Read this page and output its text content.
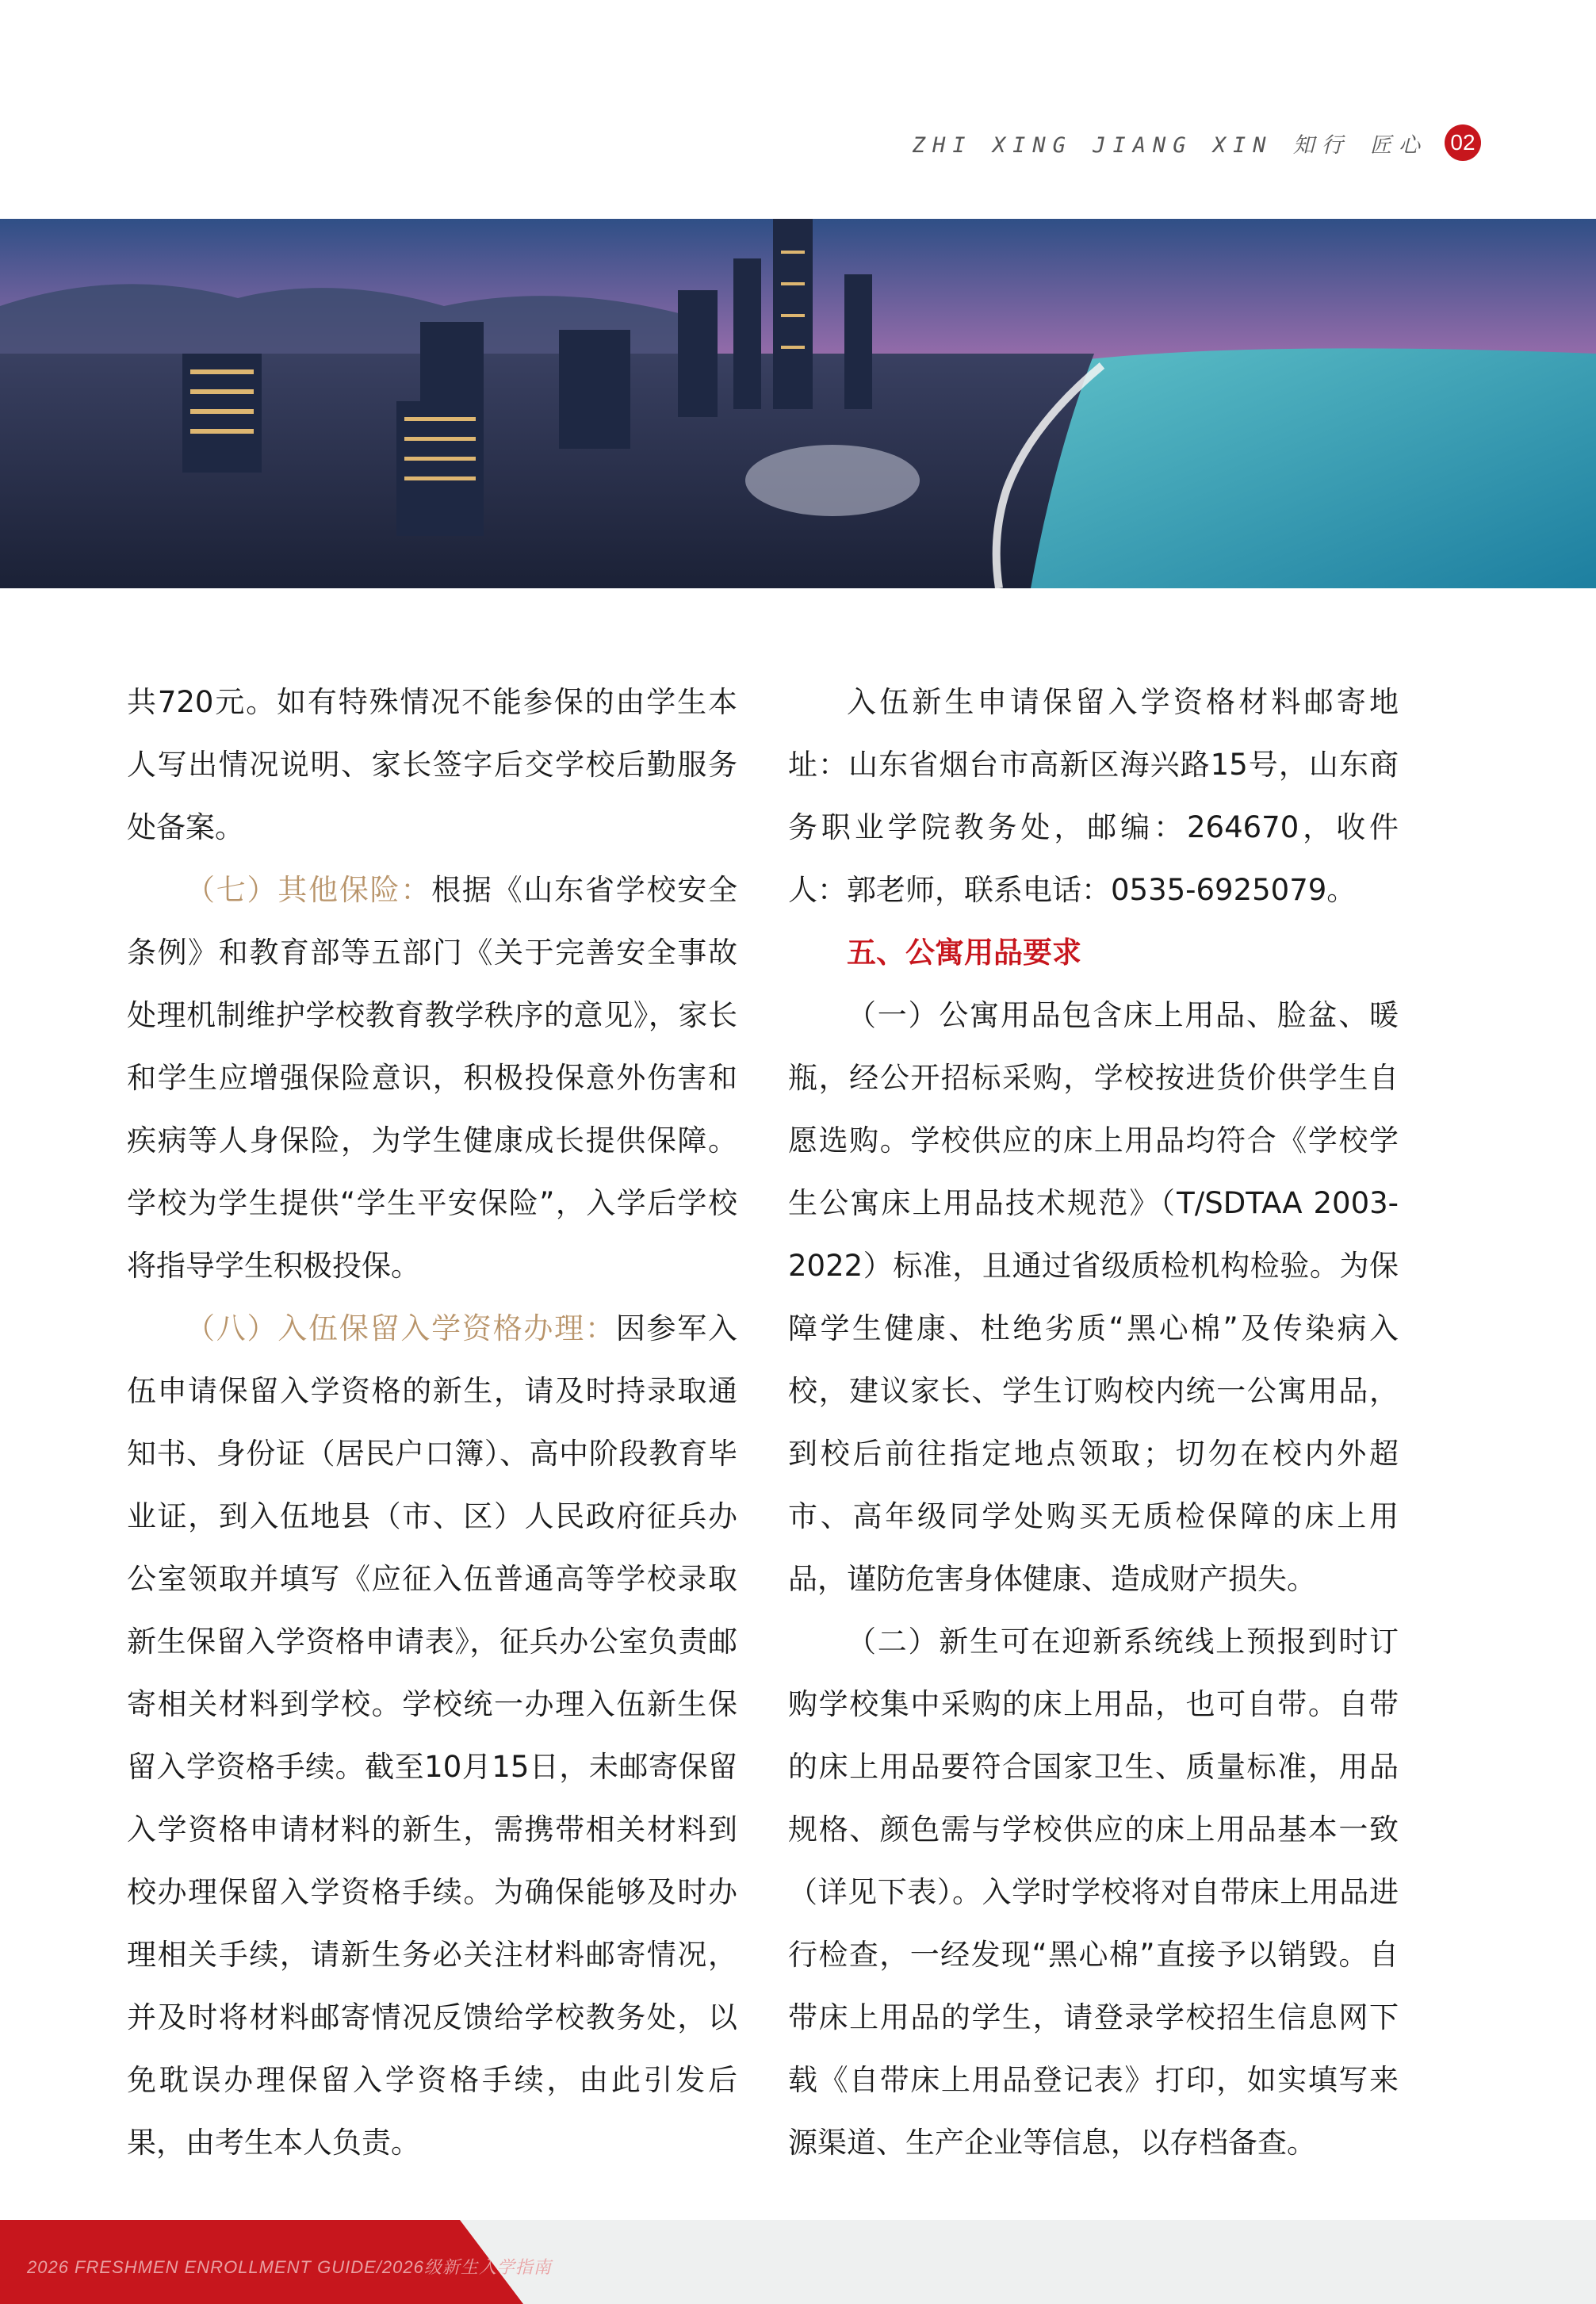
ZHI XING JIANG XIN 知行 匠心 02

共720元。如有特殊情况不能参保的由学生本人写出情况说明、家长签字后交学校后勤服务处备案。

（七）其他保险：根据《山东省学校安全条例》和教育部等五部门《关于完善安全事故处理机制维护学校教育教学秩序的意见》，家长和学生应增强保险意识，积极投保意外伤害和疾病等人身保险，为学生健康成长提供保障。学校为学生提供“学生平安保险”，入学后学校将指导学生积极投保。

（八）入伍保留入学资格办理：因参军入伍申请保留入学资格的新生，请及时持录取通知书、身份证（居民户口簿）、高中阶段教育毕业证，到入伍地县（市、区）人民政府征兵办公室领取并填写《应征入伍普通高等学校录取新生保留入学资格申请表》，征兵办公室负责邮寄相关材料到学校。学校统一办理入伍新生保留入学资格手续。截至10月15日，未邮寄保留入学资格申请材料的新生，需携带相关材料到校办理保留入学资格手续。为确保能够及时办理相关手续，请新生务必关注材料邮寄情况，并及时将材料邮寄情况反馈给学校教务处，以免耽误办理保留入学资格手续，由此引发后果，由考生本人负责。

入伍新生申请保留入学资格材料邮寄地址：山东省烟台市高新区海兴路15号，山东商务职业学院教务处，邮编：264670，收件人：郭老师，联系电话：0535-6925079。

五、公寓用品要求

（一）公寓用品包含床上用品、脸盆、暖瓶，经公开招标采购，学校按进货价供学生自愿选购。学校供应的床上用品均符合《学校学生公寓床上用品技术规范》（T/SDTAA 2003-2022）标准，且通过省级质检机构检验。为保障学生健康、杜绝劣质“黑心棉”及传染病入校，建议家长、学生订购校内统一公寓用品，到校后前往指定地点领取；切勿在校内外超市、高年级同学处购买无质检保障的床上用品，谨防危害身体健康、造成财产损失。

（二）新生可在迎新系统线上预报到时订购学校集中采购的床上用品，也可自带。自带的床上用品要符合国家卫生、质量标准，用品规格、颜色需与学校供应的床上用品基本一致（详见下表）。入学时学校将对自带床上用品进行检查，一经发现“黑心棉”直接予以销毁。自带床上用品的学生，请登录学校招生信息网下载《自带床上用品登记表》打印，如实填写来源渠道、生产企业等信息，以存档备查。

2026 FRESHMEN ENROLLMENT GUIDE/2026级新生入学指南
